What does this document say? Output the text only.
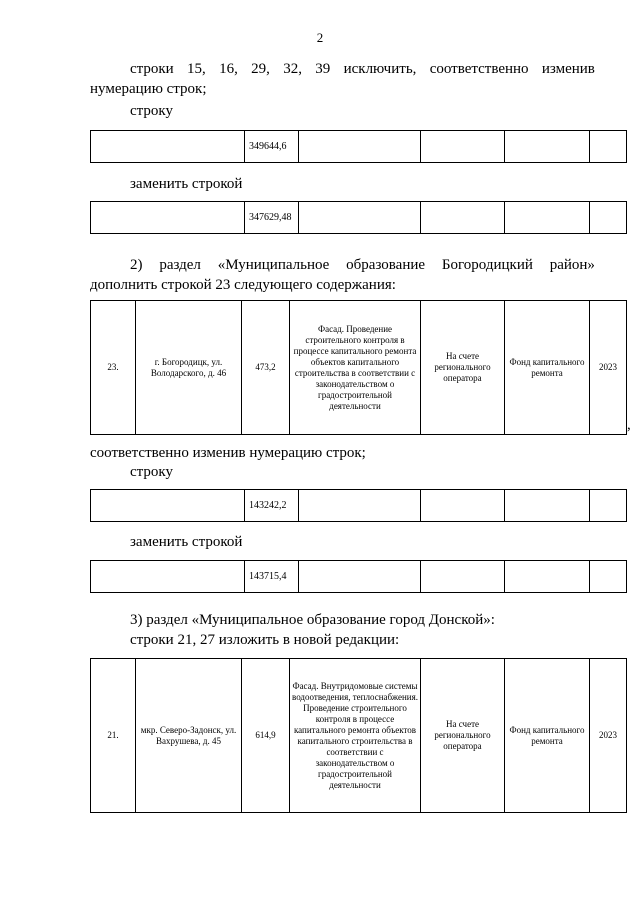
2
строки 15, 16, 29, 32, 39 исключить, соответственно изменив
нумерацию строк;
строку
	349644,6				
заменить строкой
	347629,48				
2) раздел «Муниципальное образование Богородицкий район»
дополнить строкой 23 следующего содержания:
23.	г. Богородицк, ул. Володарского, д. 46	473,2	Фасад. Проведение строительного контроля в процессе капитального ремонта объектов капитального строительства в соответствии с законодательством о градостроительной деятельности	На счете регионального оператора	Фонд капитального ремонта	2023
,
соответственно изменив нумерацию строк;
строку
	143242,2				
заменить строкой
	143715,4				
3) раздел «Муниципальное образование город Донской»:
строки 21, 27 изложить в новой редакции:
21.	мкр. Северо-Задонск, ул. Вахрушева, д. 45	614,9	Фасад. Внутридомовые системы водоотведения, теплоснабжения. Проведение строительного контроля в процессе капитального ремонта объектов капитального строительства в соответствии с законодательством о градостроительной деятельности	На счете регионального оператора	Фонд капитального ремонта	2023
